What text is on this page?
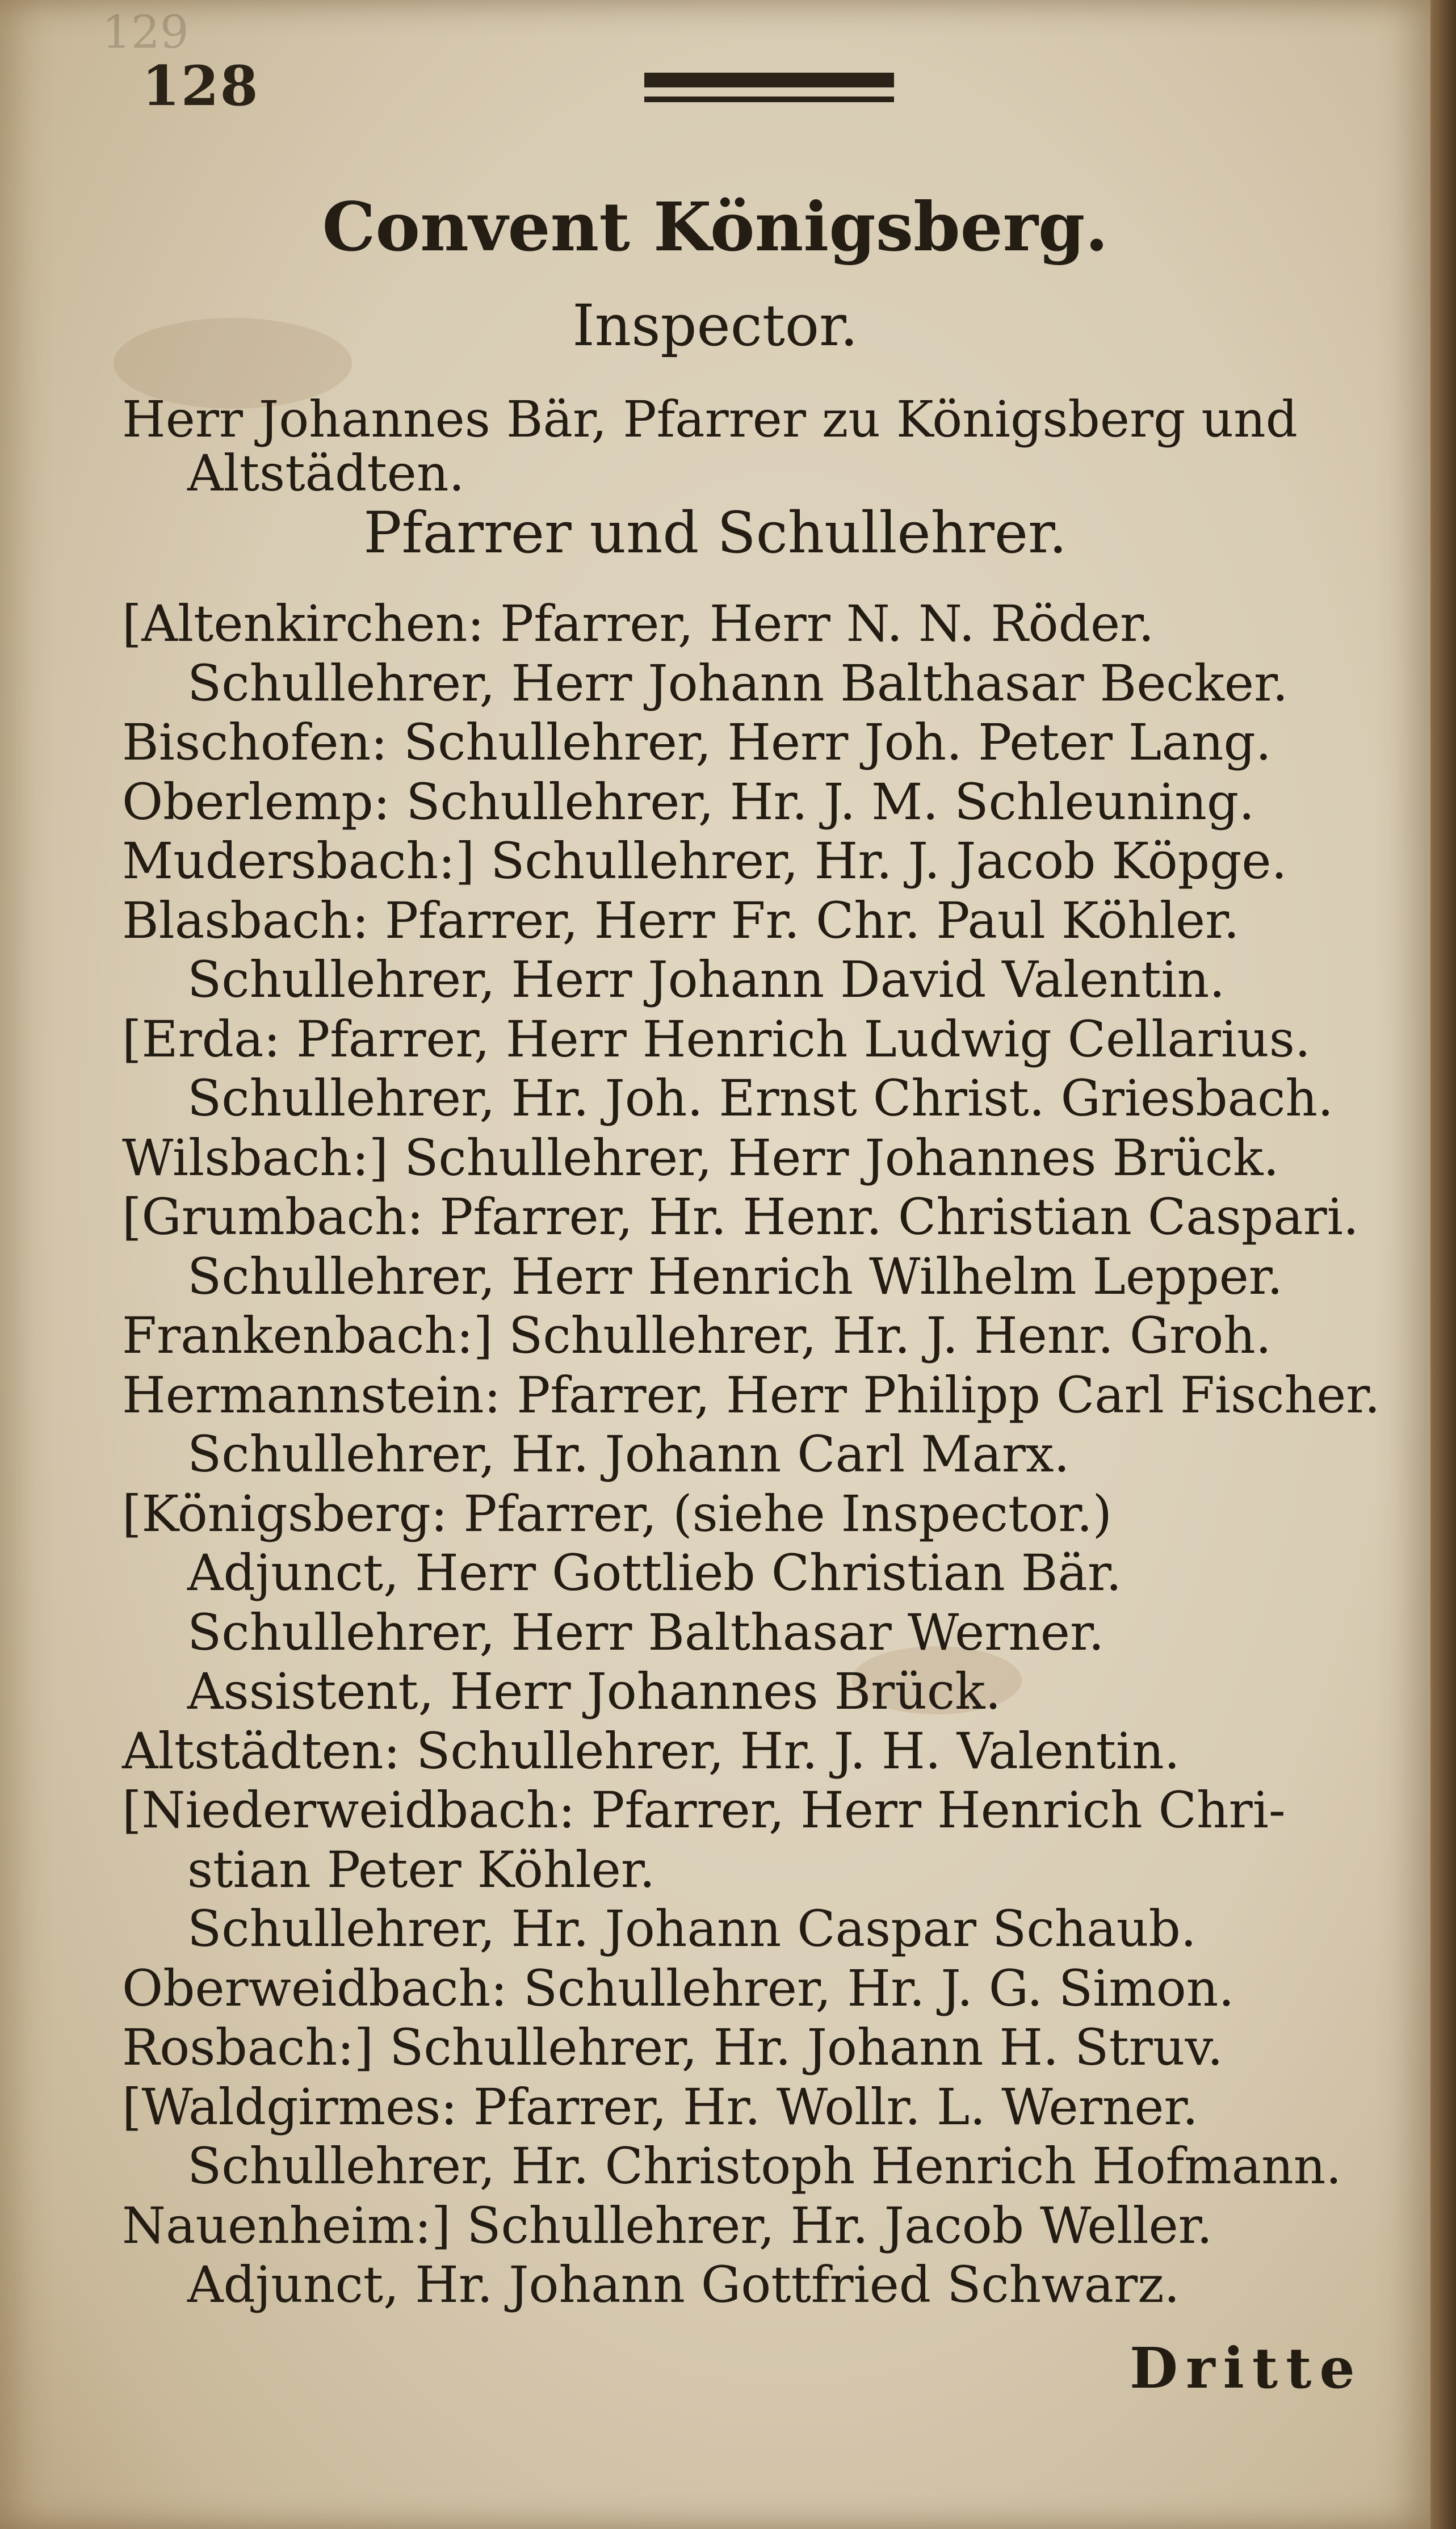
129
128
Convent Königsberg.
Inspector.
Pfarrer und Schullehrer.
Herr Johannes Bär, Pfarrer zu Königsberg und
Altstädten.
[Altenkirchen: Pfarrer, Herr N. N. Röder.
Schullehrer, Herr Johann Balthasar Becker.
Bischofen: Schullehrer, Herr Joh. Peter Lang.
Oberlemp: Schullehrer, Hr. J. M. Schleuning.
Mudersbach:] Schullehrer, Hr. J. Jacob Köpge.
Blasbach: Pfarrer, Herr Fr. Chr. Paul Köhler.
Schullehrer, Herr Johann David Valentin.
[Erda: Pfarrer, Herr Henrich Ludwig Cellarius.
Schullehrer, Hr. Joh. Ernst Christ. Griesbach.
Wilsbach:] Schullehrer, Herr Johannes Brück.
[Grumbach: Pfarrer, Hr. Henr. Christian Caspari.
Schullehrer, Herr Henrich Wilhelm Lepper.
Frankenbach:] Schullehrer, Hr. J. Henr. Groh.
Hermannstein: Pfarrer, Herr Philipp Carl Fischer.
Schullehrer, Hr. Johann Carl Marx.
[Königsberg: Pfarrer, (siehe Inspector.)
Adjunct, Herr Gottlieb Christian Bär.
Schullehrer, Herr Balthasar Werner.
Assistent, Herr Johannes Brück.
Altstädten: Schullehrer, Hr. J. H. Valentin.
[Niederweidbach: Pfarrer, Herr Henrich Chri-
stian Peter Köhler.
Schullehrer, Hr. Johann Caspar Schaub.
Oberweidbach: Schullehrer, Hr. J. G. Simon.
Rosbach:] Schullehrer, Hr. Johann H. Struv.
[Waldgirmes: Pfarrer, Hr. Wollr. L. Werner.
Schullehrer, Hr. Christoph Henrich Hofmann.
Nauenheim:] Schullehrer, Hr. Jacob Weller.
Adjunct, Hr. Johann Gottfried Schwarz.
Dritte
